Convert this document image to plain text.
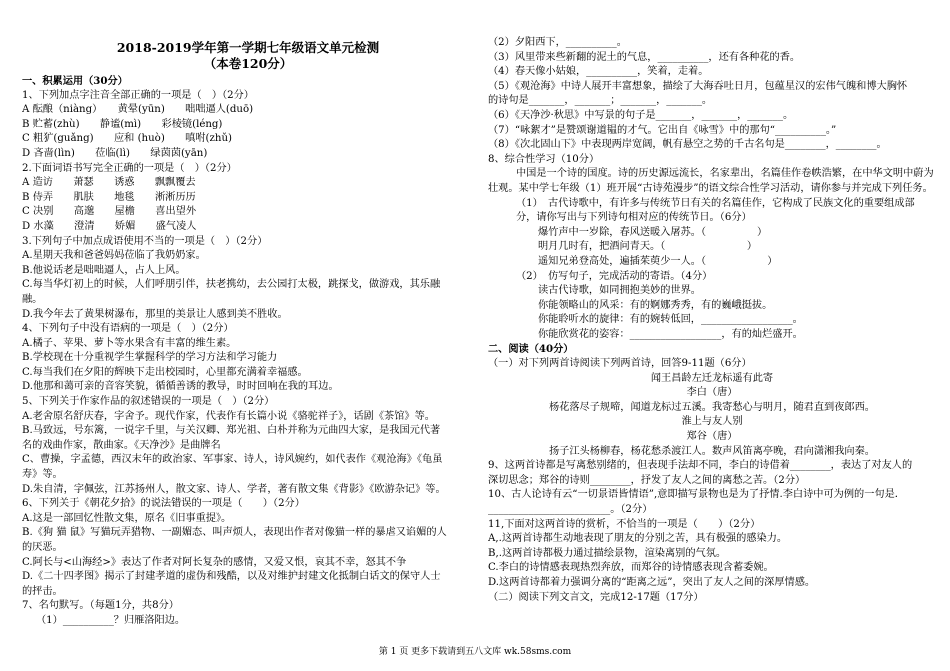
2018-2019学年第一学期七年级语文单元检测
（本卷120分）
一、积累运用（30分）
1、下列加点字注音全部正确的一项是（　）（2分）
A 酝酿（niàng）　　黄晕(yūn)　　咄咄逼人(duō)
B 贮蓄(zhù)　　静谧(mì)　　彩棱镜(léng)
C 粗犷(guǎng)　　应和 (huò)　　嗔咐(zhǔ)
D 吝啬(lìn)　　莅临(lì)　　绿茵茵(yān)
2.下面词语书写完全正确的一项是（　）（2分）
A 造访　　萧瑟　　诱惑　　飘飘覆去
B 侍弄　　肌肤　　地毯　　淅淅历历
C 决别　　高邈　　屋檐　　喜出望外
D 水藻　　澄清　　娇媚　　盛气凌人
3.下列句子中加点成语使用不当的一项是（　）（2分）
A.星期天我和爸爸妈妈莅临了我奶奶家。
B.他说话老是咄咄逼人，占人上风。
C.每当华灯初上的时候，人们呼朋引伴，扶老携幼，去公园打太极，跳探戈，做游戏，其乐融
融。
D.我今年去了黄果树瀑布，那里的美景让人感到美不胜收。
4、下列句子中没有语病的一项是（　）（2分）
A.橘子、苹果、萝卜等水果含有丰富的维生素。
B.学校现在十分重视学生掌握科学的学习方法和学习能力
C.每当我们在夕阳的辉映下走出校园时，心里都充满着幸福感。
D.他那和蔼可亲的音容笑貌，循循善诱的教导，时时回响在我的耳边。
5、下列关于作家作品的叙述错误的一项是（　）（2分）
A.老舍原名舒庆春，字舍予。现代作家，代表作有长篇小说《骆驼祥子》，话剧《茶馆》等。
B.马致远，号东篱，一说字千里，与关汉卿、郑光祖、白朴并称为元曲四大家，是我国元代著
名的戏曲作家，散曲家。《天净沙》是曲牌名
C、曹操，字孟德，西汉末年的政治家、军事家、诗人，诗风婉约，如代表作《观沧海》《龟虽
寿》等。
D.朱自清，字佩弦，江苏扬州人，散文家、诗人、学者，著有散文集《背影》《欧游杂记》等。
6、下列关于《朝花夕拾》的说法错误的一项是（　　）（2分）
A.这是一部回忆性散文集，原名《旧事重提》。
B.《狗 猫 鼠》写猫玩弄猎物、一副媚态、叫声烦人，表现出作者对像猫一样的暴虐又谄媚的人
的厌恶。
C.阿长与<山海经>》表达了作者对阿长复杂的感情，又爱又恨，哀其不幸，怒其不争
D.《二十四孝图》揭示了封建孝道的虚伪和残酷，以及对维护封建文化抵制白话文的保守人士
的抨击。
7、名句默写。（每题1分，共8分）
（1）__________？归雁洛阳边。
（2）夕阳西下，__________。
（3）风里带来些新翻的泥土的气息，__________，还有各种花的香。
（4）春天像小姑娘，__________，笑着，走着。
（5）《观沧海》中诗人展开丰富想象，描绘了大海吞吐日月，包蕴星汉的宏伟气魄和博大胸怀
的诗句是_______，_______；_______，_______。
（6）《天净沙·秋思》中写景的句子是_______，_______，_______。
（7）“咏絮才”是赞颂谢道韫的才气。它出自《咏雪》中的那句“__________。”
（8）《次北固山下》中表现两岸宽阔，帆有悬空之势的千古名句是________，________。
8、综合性学习（10分）
中国是一个诗的国度。诗的历史源远流长，名家辈出，名篇佳作卷帙浩繁，在中华文明中蔚为壮观。某中学七年级（1）班开展“古诗苑漫步”的语文综合性学习活动，请你参与并完成下列任务。
（1）　古代诗歌中，有许多与传统节日有关的名篇佳作，它构成了民族文化的重要组成部
分，请你写出与下列诗句相对应的传统节日。（6分）
爆竹声中一岁除，春风送暖入屠苏。（　　　　　）
明月几时有，把酒问青天。（　　　　　　　　）
遥知兄弟登高处，遍插茱萸少一人。（　　　　　　）
（2）　仿写句子，完成活动的寄语。（4分）
读古代诗歌，如同拥抱美妙的世界。
你能领略山的风采：有的婀娜秀秀，有的巍峨挺拔。
你能聆听水的旋律：有的婉转低回，__________________。
你能欣赏花的姿容：__________________，有的灿烂盛开。
二、阅读（40分）
（一）对下列两首诗阅读下列两首诗，回答9-11题（6分）
闻王昌龄左迁龙标遥有此寄
李白（唐）
杨花落尽子规啼，闻道龙标过五溪。我寄愁心与明月，随君直到夜郎西。
淮上与友人别
郑谷（唐）
扬子江头杨柳春，杨花愁杀渡江人。数声风笛离亭晚，君向潇湘我向秦。
9、这两首诗都是写离愁别绪的，但表现手法却不同，李白的诗借着________，表达了对友人的
深切思念；郑谷的诗则________，抒发了友人之间的离愁之苦。（2分）
10、古人论诗有云“一切景语皆情语”,意即描写景物也是为了抒情.李白诗中可为例的一句是．
________________________。（2分）
11,下面对这两首诗的赏析，不恰当的一项是（　　）（2分）
A,.这两首诗都生动地表现了朋友的分别之苦，具有极强的感染力。
B,.这两首诗都极力通过描绘景物，渲染离别的气氛。
C.李白的诗情感表现热烈奔放，而郑谷的诗情感表现含蓄委婉。
D.这两首诗都着力强调分离的“距离之远”，突出了友人之间的深厚情感。
（二）阅读下列文言文，完成12-17题（17分）
第 1 页 更多下载请到五八文库 wk.58sms.com
